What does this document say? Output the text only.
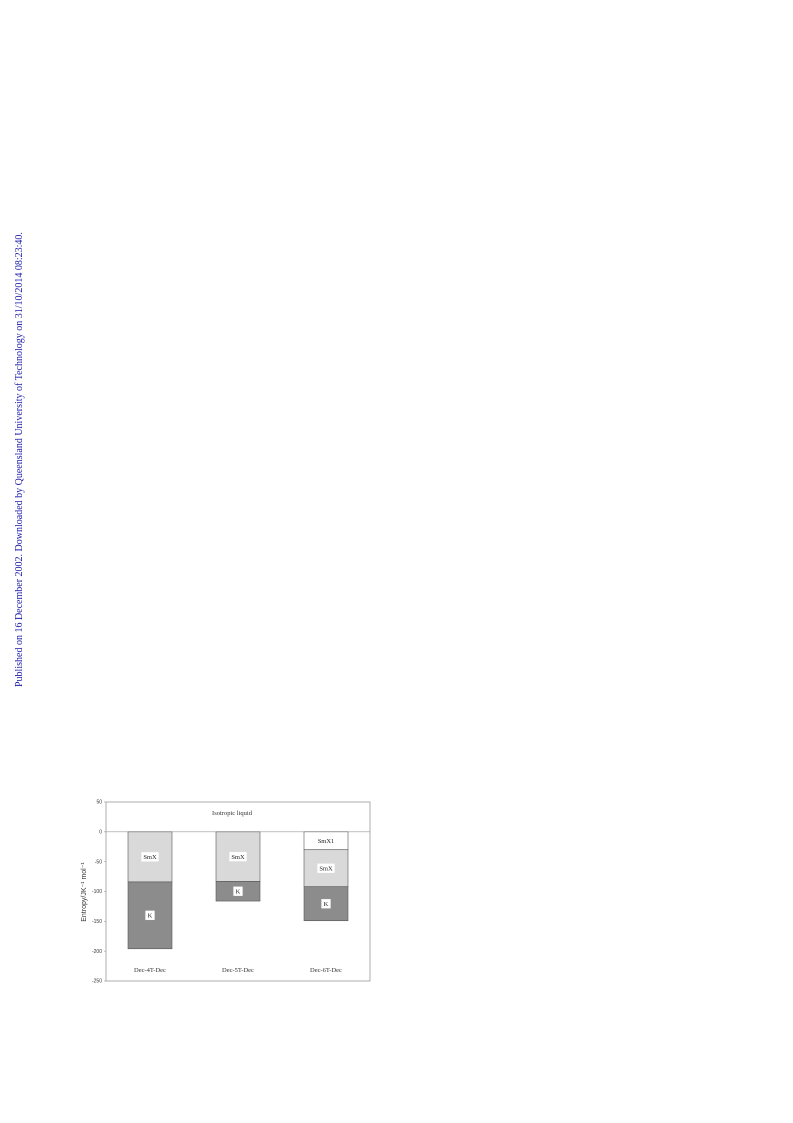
Published on 16 December 2002. Downloaded by Queensland University of Technology on 31/10/2014 08:23:40.
50
0
-50
-100
-150
-200
-250
Entropy/JK⁻¹ mol⁻¹
Isotropic liquid
SmX
K
SmX
K
SmX1
SmX
K
Dec-4T-Dec	Dec-5T-Dec	Dec-6T-Dec
